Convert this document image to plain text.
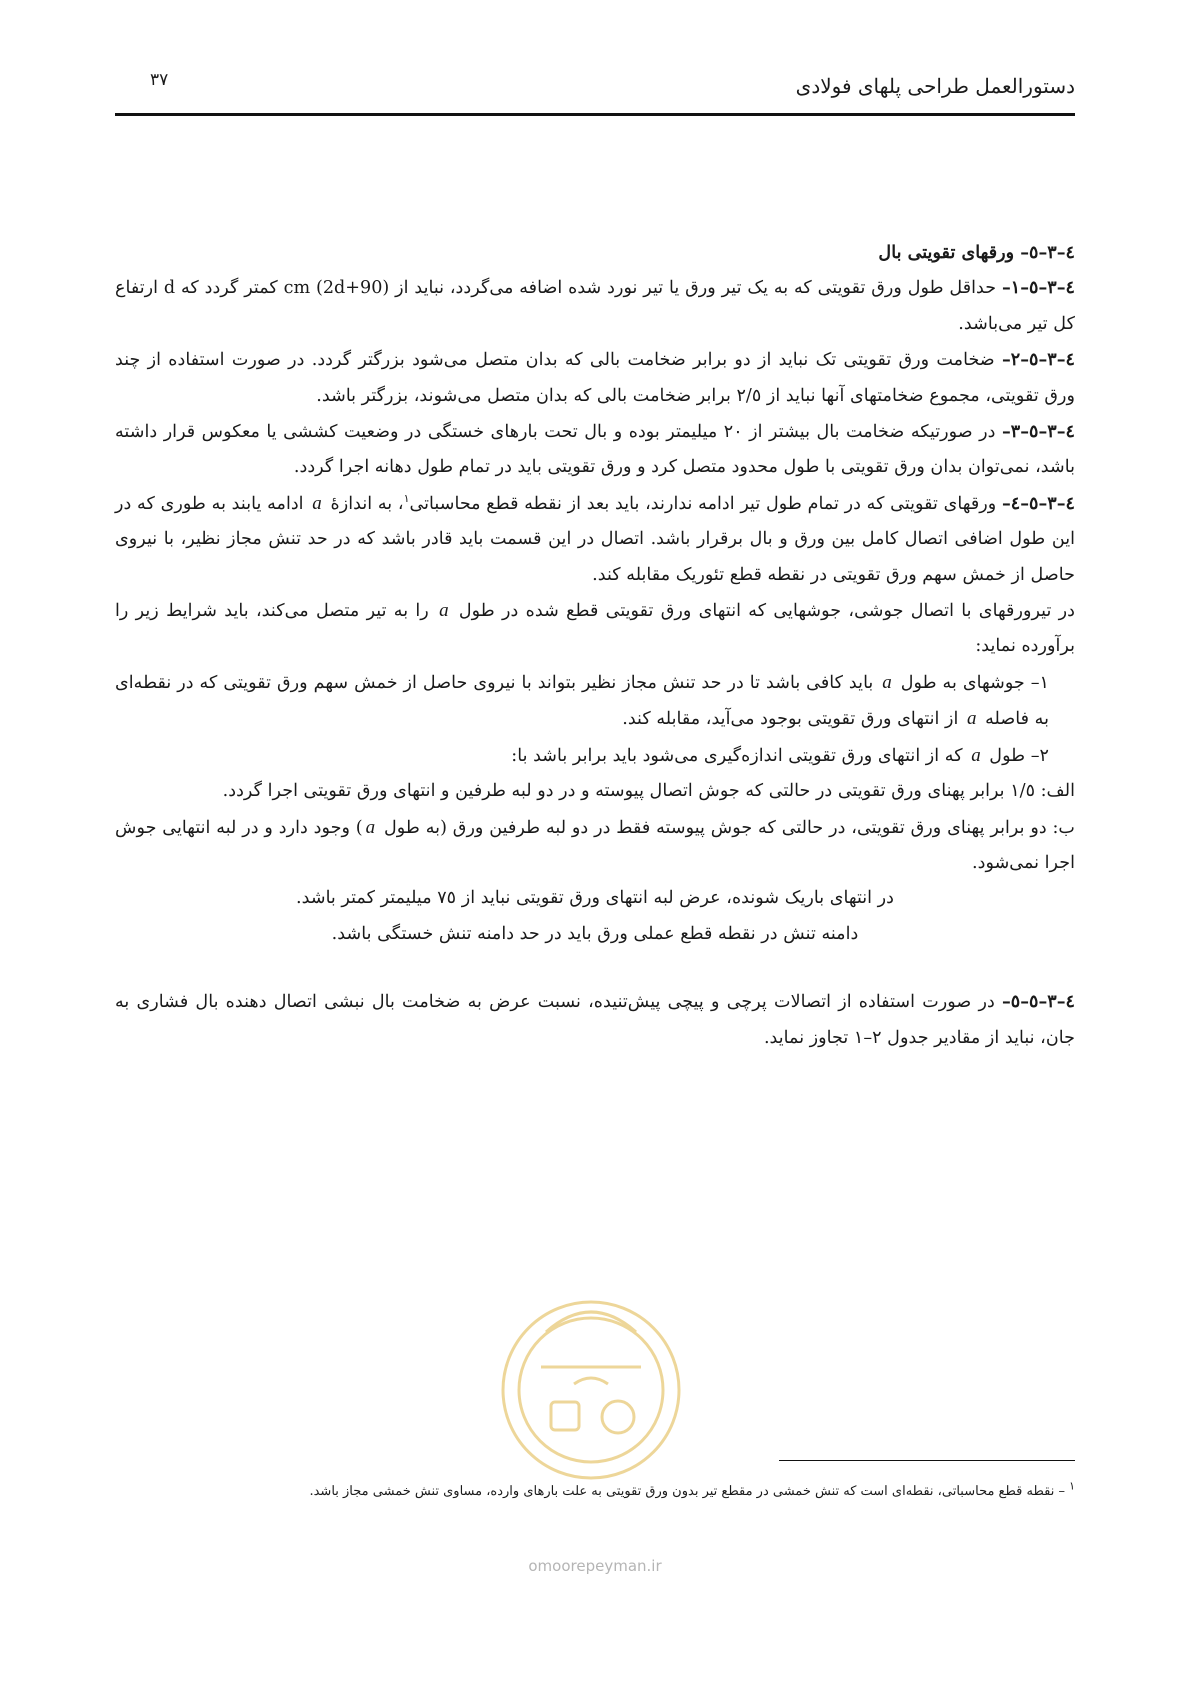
دستورالعمل طراحی پلهای فولادی
۳۷

٤–٣–٥– ورقهای تقویتی بال

٤–٣–٥–١– حداقل طول ورق تقویتی که به یک تیر ورق یا تیر نورد شده اضافه می‌گردد، نباید از cm (2d+90) کمتر گردد که d ارتفاع کل تیر می‌باشد.

٤–٣–٥–٢– ضخامت ورق تقویتی تک نباید از دو برابر ضخامت بالی که بدان متصل می‌شود بزرگتر گردد. در صورت استفاده از چند ورق تقویتی، مجموع ضخامتهای آنها نباید از ٢/٥ برابر ضخامت بالی که بدان متصل می‌شوند، بزرگتر باشد.

٤–٣–٥–٣– در صورتیکه ضخامت بال بیشتر از ٢٠ میلیمتر بوده و بال تحت بارهای خستگی در وضعیت کششی یا معکوس قرار داشته باشد، نمی‌توان بدان ورق تقویتی با طول محدود متصل کرد و ورق تقویتی باید در تمام طول دهانه اجرا گردد.

٤–٣–٥–٤– ورقهای تقویتی که در تمام طول تیر ادامه ندارند، باید بعد از نقطه قطع محاسباتی$^۱$، به اندازهٔ a ادامه یابند به طوری که در این طول اضافی اتصال کامل بین ورق و بال برقرار باشد. اتصال در این قسمت باید قادر باشد که در حد تنش مجاز نظیر، با نیروی حاصل از خمش سهم ورق تقویتی در نقطه قطع تئوریک مقابله کند.

در تیرورقهای با اتصال جوشی، جوشهایی که انتهای ورق تقویتی قطع شده در طول a را به تیر متصل می‌کند، باید شرایط زیر را برآورده نماید:

١– جوشهای به طول a باید کافی باشد تا در حد تنش مجاز نظیر بتواند با نیروی حاصل از خمش سهم ورق تقویتی که در نقطه‌ای به فاصله a از انتهای ورق تقویتی بوجود می‌آید، مقابله کند.

٢– طول a که از انتهای ورق تقویتی اندازه‌گیری می‌شود باید برابر باشد با:

الف: ١/٥ برابر پهنای ورق تقویتی در حالتی که جوش اتصال پیوسته و در دو لبه طرفین و انتهای ورق تقویتی اجرا گردد.

ب: دو برابر پهنای ورق تقویتی، در حالتی که جوش پیوسته فقط در دو لبه طرفین ورق (به طول a) وجود دارد و در لبه انتهایی جوش اجرا نمی‌شود.

در انتهای باریک شونده، عرض لبه انتهای ورق تقویتی نباید از ٧٥ میلیمتر کمتر باشد.

دامنه تنش در نقطه قطع عملی ورق باید در حد دامنه تنش خستگی باشد.

٤–٣–٥–٥– در صورت استفاده از اتصالات پرچی و پیچی پیش‌تنیده، نسبت عرض به ضخامت بال نبشی اتصال دهنده بال فشاری به جان، نباید از مقادیر جدول ٢–١ تجاوز نماید.

omoorepeyman.ir
$^۱$ – نقطه قطع محاسباتی، نقطه‌ای است که تنش خمشی در مقطع تیر بدون ورق تقویتی به علت بارهای وارده، مساوی تنش خمشی مجاز باشد.
